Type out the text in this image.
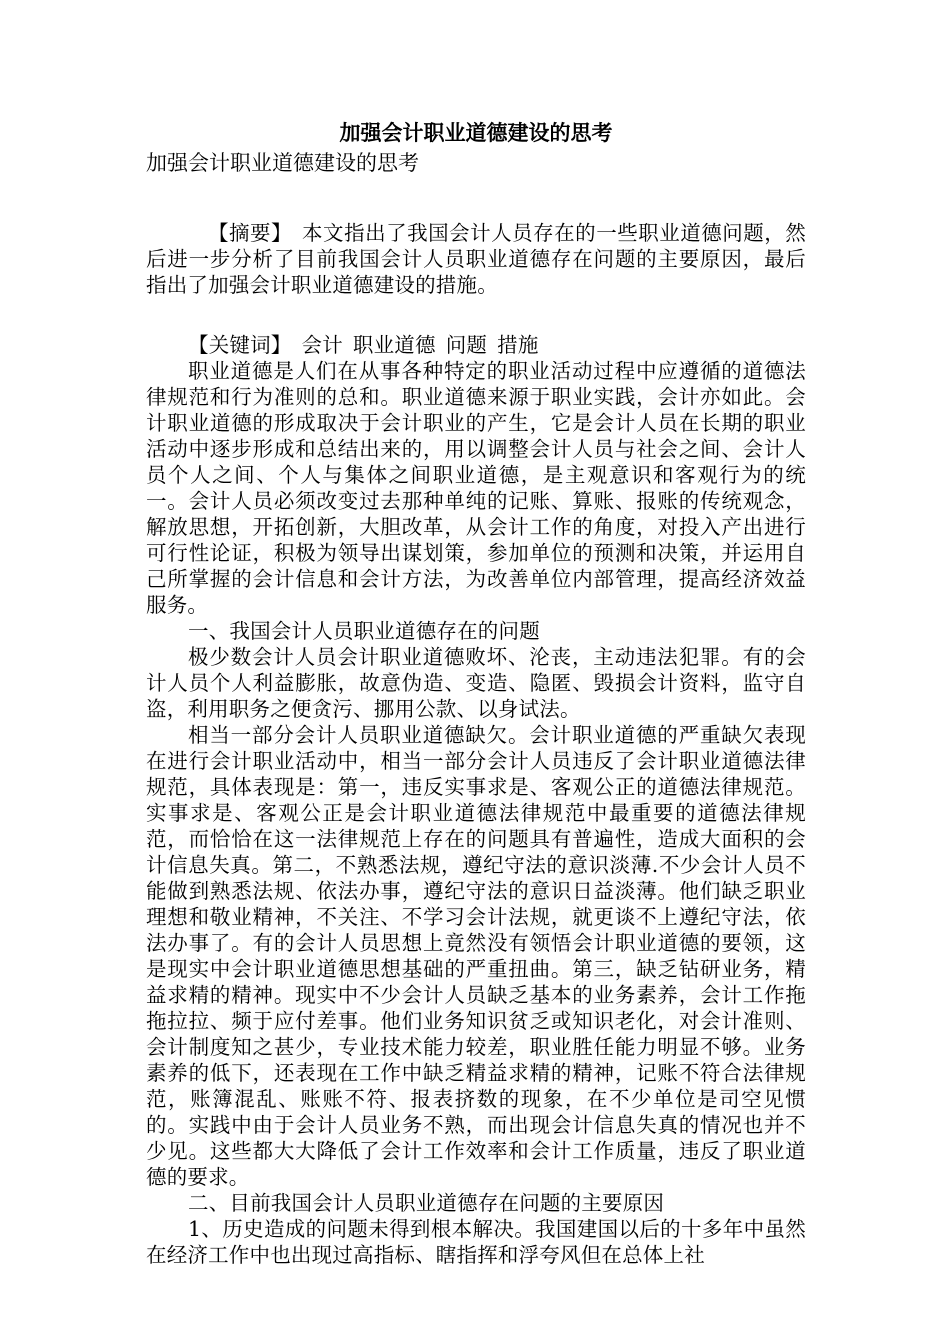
加强会计职业道德建设的思考

加强会计职业道德建设的思考

【摘要】 本文指出了我国会计人员存在的一些职业道德问题，然后进一步分析了目前我国会计人员职业道德存在问题的主要原因，最后指出了加强会计职业道德建设的措施。

【关键词】 会计 职业道德 问题 措施

职业道德是人们在从事各种特定的职业活动过程中应遵循的道德法律规范和行为准则的总和。职业道德来源于职业实践，会计亦如此。会计职业道德的形成取决于会计职业的产生，它是会计人员在长期的职业活动中逐步形成和总结出来的，用以调整会计人员与社会之间、会计人员个人之间、个人与集体之间职业道德，是主观意识和客观行为的统一。会计人员必须改变过去那种单纯的记账、算账、报账的传统观念，解放思想，开拓创新，大胆改革，从会计工作的角度，对投入产出进行可行性论证，积极为领导出谋划策，参加单位的预测和决策，并运用自己所掌握的会计信息和会计方法，为改善单位内部管理，提高经济效益服务。

一、我国会计人员职业道德存在的问题

极少数会计人员会计职业道德败坏、沦丧，主动违法犯罪。有的会计人员个人利益膨胀，故意伪造、变造、隐匿、毁损会计资料，监守自盗，利用职务之便贪污、挪用公款、以身试法。

相当一部分会计人员职业道德缺欠。会计职业道德的严重缺欠表现在进行会计职业活动中，相当一部分会计人员违反了会计职业道德法律规范，具体表现是：第一，违反实事求是、客观公正的道德法律规范。实事求是、客观公正是会计职业道德法律规范中最重要的道德法律规范，而恰恰在这一法律规范上存在的问题具有普遍性，造成大面积的会计信息失真。第二，不熟悉法规，遵纪守法的意识淡薄.不少会计人员不能做到熟悉法规、依法办事，遵纪守法的意识日益淡薄。他们缺乏职业理想和敬业精神，不关注、不学习会计法规，就更谈不上遵纪守法，依法办事了。有的会计人员思想上竟然没有领悟会计职业道德的要领，这是现实中会计职业道德思想基础的严重扭曲。第三，缺乏钻研业务，精益求精的精神。现实中不少会计人员缺乏基本的业务素养，会计工作拖拖拉拉、频于应付差事。他们业务知识贫乏或知识老化，对会计准则、会计制度知之甚少，专业技术能力较差，职业胜任能力明显不够。业务素养的低下，还表现在工作中缺乏精益求精的精神，记账不符合法律规范，账簿混乱、账账不符、报表挤数的现象，在不少单位是司空见惯的。实践中由于会计人员业务不熟，而出现会计信息失真的情况也并不少见。这些都大大降低了会计工作效率和会计工作质量，违反了职业道德的要求。

二、目前我国会计人员职业道德存在问题的主要原因

1、历史造成的问题未得到根本解决。我国建国以后的十多年中虽然在经济工作中也出现过高指标、瞎指挥和浮夸风但在总体上社
